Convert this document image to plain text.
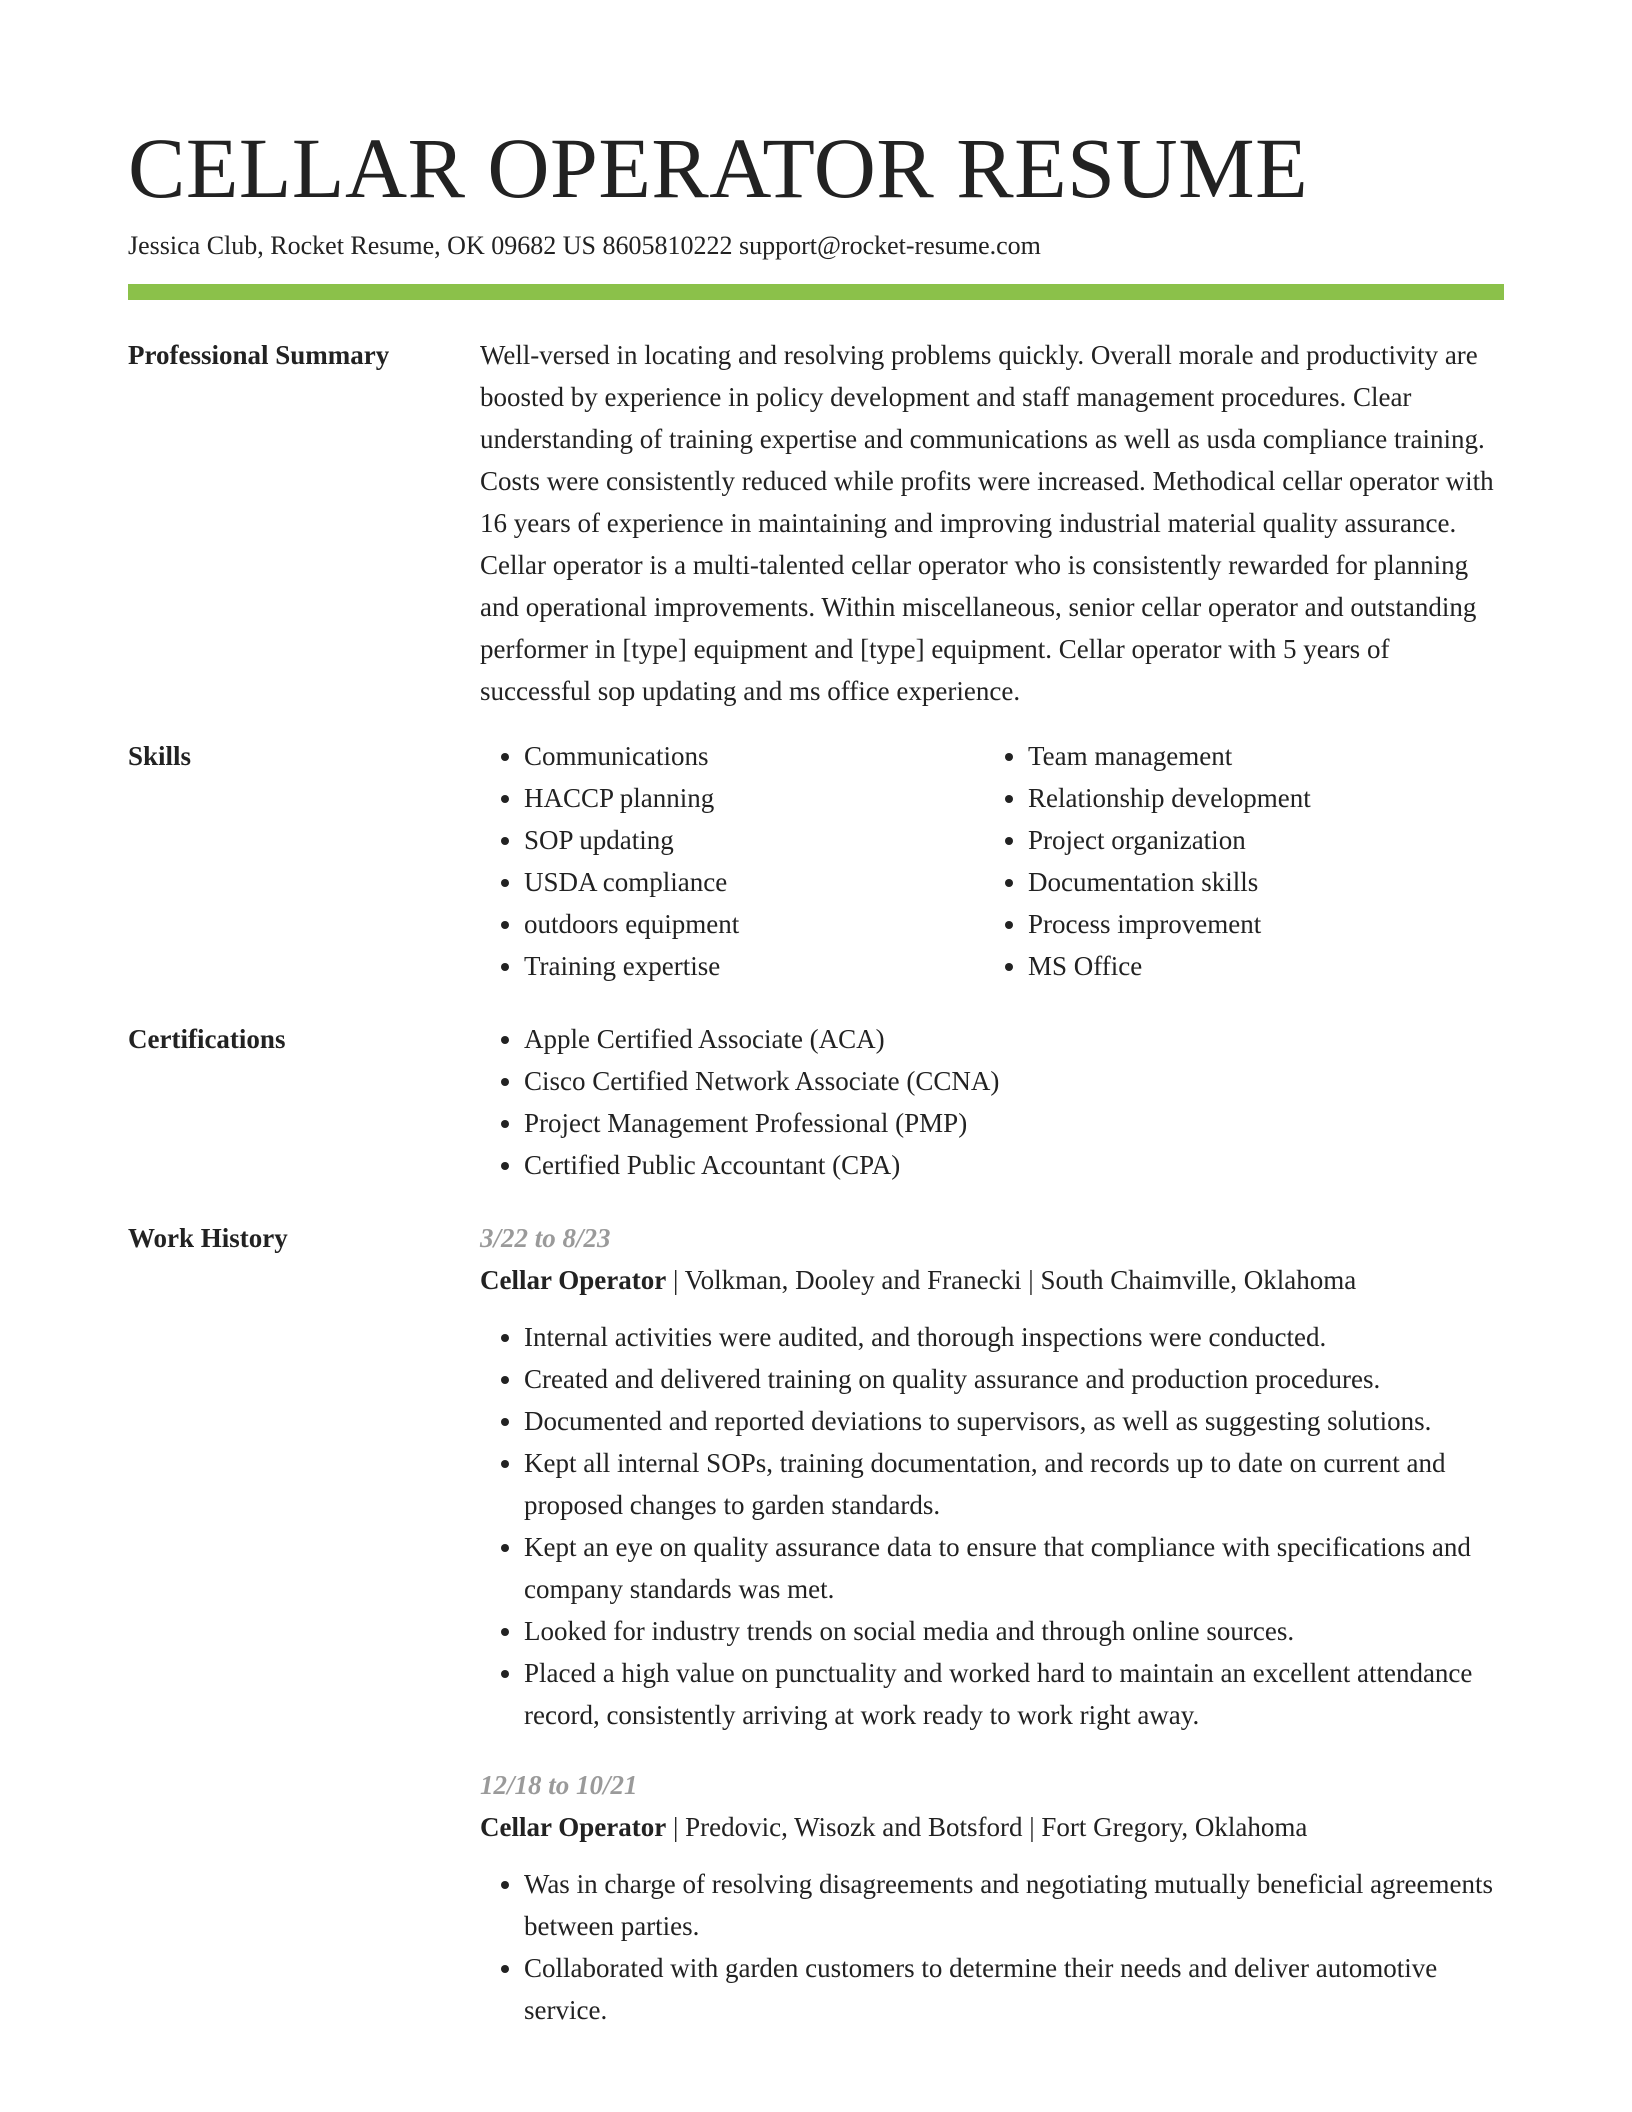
CELLAR OPERATOR RESUME
Jessica Club, Rocket Resume, OK 09682 US 8605810222 support@rocket-resume.com
Professional Summary	Well-versed in locating and resolving problems quickly. Overall morale and productivity are boosted by experience in policy development and staff management procedures. Clear understanding of training expertise and communications as well as usda compliance training. Costs were consistently reduced while profits were increased. Methodical cellar operator with 16 years of experience in maintaining and improving industrial material quality assurance. Cellar operator is a multi-talented cellar operator who is consistently rewarded for planning and operational improvements. Within miscellaneous, senior cellar operator and outstanding performer in [type] equipment and [type] equipment. Cellar operator with 5 years of successful sop updating and ms office experience.

Skills	• Communications
• HACCP planning
• SOP updating
• USDA compliance
• outdoors equipment
• Training expertise
• Team management
• Relationship development
• Project organization
• Documentation skills
• Process improvement
• MS Office
Certifications	• Apple Certified Associate (ACA)
• Cisco Certified Network Associate (CCNA)
• Project Management Professional (PMP)
• Certified Public Accountant (CPA)
Work History	3/22 to 8/23
Cellar Operator | Volkman, Dooley and Franecki | South Chaimville, Oklahoma
• Internal activities were audited, and thorough inspections were conducted.
• Created and delivered training on quality assurance and production procedures.
• Documented and reported deviations to supervisors, as well as suggesting solutions.
• Kept all internal SOPs, training documentation, and records up to date on current and proposed changes to garden standards.
• Kept an eye on quality assurance data to ensure that compliance with specifications and company standards was met.
• Looked for industry trends on social media and through online sources.
• Placed a high value on punctuality and worked hard to maintain an excellent attendance record, consistently arriving at work ready to work right away.
12/18 to 10/21
Cellar Operator | Predovic, Wisozk and Botsford | Fort Gregory, Oklahoma
• Was in charge of resolving disagreements and negotiating mutually beneficial agreements between parties.
• Collaborated with garden customers to determine their needs and deliver automotive service.
